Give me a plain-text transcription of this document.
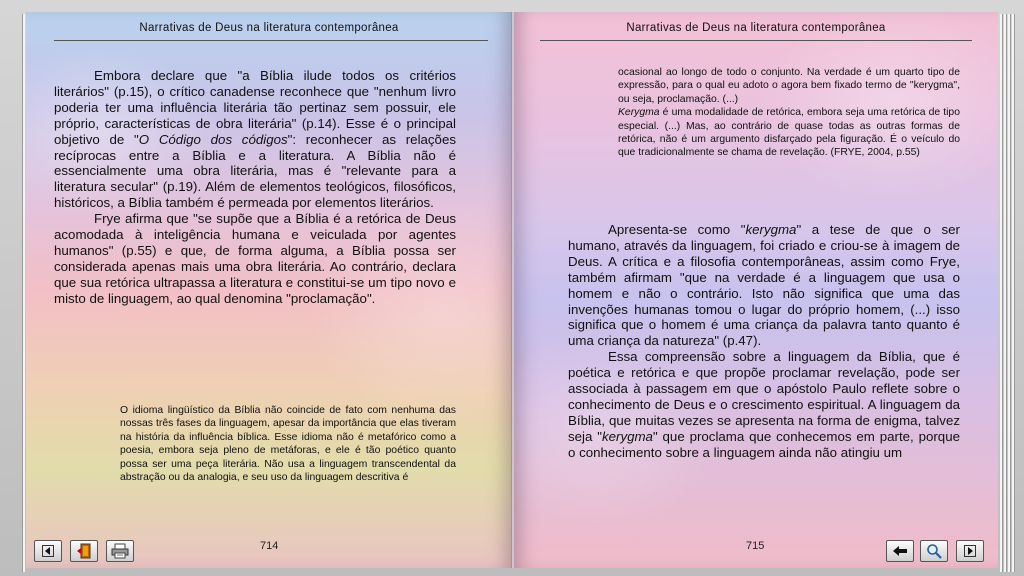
Narrativas de Deus na literatura contemporânea

Embora declare que "a Bíblia ilude todos os critérios literários" (p.15), o crítico canadense reconhece que "nenhum livro poderia ter uma influência literária tão pertinaz sem possuir, ele próprio, características de obra literária" (p.14). Esse é o principal objetivo de "O Código dos códigos": reconhecer as relações recíprocas entre a Bíblia e a literatura. A Bíblia não é essencialmente uma obra literária, mas é "relevante para a literatura secular" (p.19). Além de elementos teológicos, filosóficos, históricos, a Bíblia também é permeada por elementos literários.

Frye afirma que "se supõe que a Bíblia é a retórica de Deus acomodada à inteligência humana e veiculada por agentes humanos" (p.55) e que, de forma alguma, a Bíblia possa ser considerada apenas mais uma obra literária. Ao contrário, declara que sua retórica ultrapassa a literatura e constitui-se um tipo novo e misto de linguagem, ao qual denomina "proclamação".

O idioma lingüístico da Bíblia não coincide de fato com nenhuma das nossas três fases da linguagem, apesar da importância que elas tiveram na história da influência bíblica. Esse idioma não é metafórico como a poesia, embora seja pleno de metáforas, e ele é tão poético quanto possa ser uma peça literária. Não usa a linguagem transcendental da abstração ou da analogia, e seu uso da linguagem descritiva é

714
Narrativas de Deus na literatura contemporânea

ocasional ao longo de todo o conjunto. Na verdade é um quarto tipo de expressão, para o qual eu adoto o agora bem fixado termo de "kerygma", ou seja, proclamação. (...)

Kerygma é uma modalidade de retórica, embora seja uma retórica de tipo especial. (...) Mas, ao contrário de quase todas as outras formas de retórica, não é um argumento disfarçado pela figuração. É o veículo do que tradicionalmente se chama de revelação. (FRYE, 2004, p.55)

Apresenta-se como "kerygma" a tese de que o ser humano, através da linguagem, foi criado e criou-se à imagem de Deus. A crítica e a filosofia contemporâneas, assim como Frye, também afirmam "que na verdade é a linguagem que usa o homem e não o contrário. Isto não significa que uma das invenções humanas tomou o lugar do próprio homem, (...) isso significa que o homem é uma criança da palavra tanto quanto é uma criança da natureza" (p.47).

Essa compreensão sobre a linguagem da Bíblia, que é poética e retórica e que propõe proclamar revelação, pode ser associada à passagem em que o apóstolo Paulo reflete sobre o conhecimento de Deus e o crescimento espiritual. A linguagem da Bíblia, que muitas vezes se apresenta na forma de enigma, talvez seja "kerygma" que proclama que conhecemos em parte, porque o conhecimento sobre a linguagem ainda não atingiu um

715
